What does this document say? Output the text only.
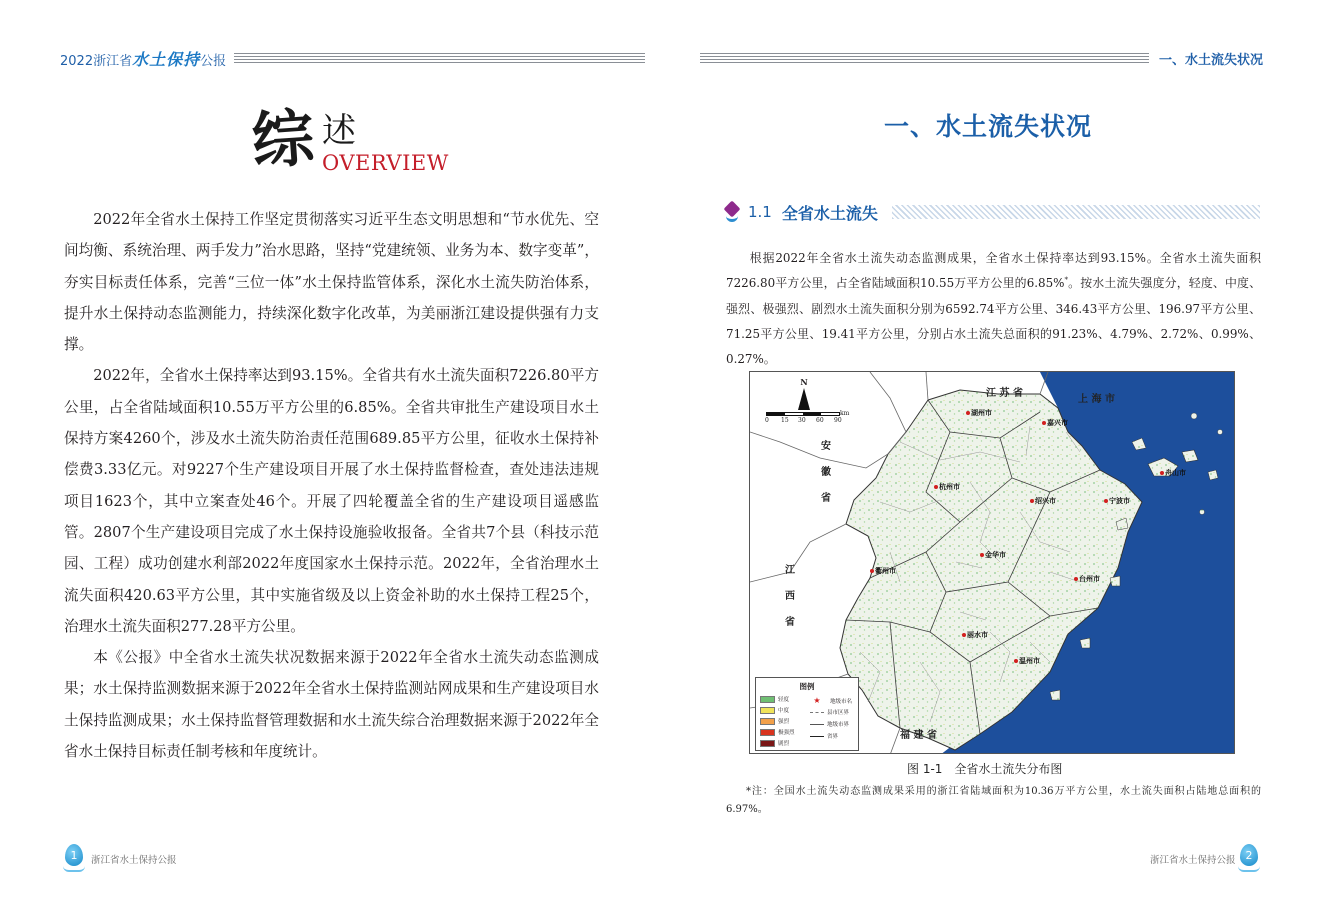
2022 浙江省 水土保持 公报	一、水土流失状况
综 述
OVERVIEW

2022年全省水土保持工作坚定贯彻落实习近平生态文明思想和“节水优先、空间均衡、系统治理、两手发力”治水思路，坚持“党建统领、业务为本、数字变革”，夯实目标责任体系，完善“三位一体”水土保持监管体系，深化水土流失防治体系，提升水土保持动态监测能力，持续深化数字化改革，为美丽浙江建设提供强有力支撑。

2022年，全省水土保持率达到93.15%。全省共有水土流失面积7226.80平方公里，占全省陆域面积10.55万平方公里的6.85%。全省共审批生产建设项目水土保持方案4260个，涉及水土流失防治责任范围689.85平方公里，征收水土保持补偿费3.33亿元。对9227个生产建设项目开展了水土保持监督检查，查处违法违规项目1623个，其中立案查处46个。开展了四轮覆盖全省的生产建设项目遥感监管。2807个生产建设项目完成了水土保持设施验收报备。全省共7个县（科技示范园、工程）成功创建水利部2022年度国家水土保持示范。2022年，全省治理水土流失面积420.63平方公里，其中实施省级及以上资金补助的水土保持工程25个，治理水土流失面积277.28平方公里。

本《公报》中全省水土流失状况数据来源于2022年全省水土流失动态监测成果；水土保持监测数据来源于2022年全省水土保持监测站网成果和生产建设项目水土保持监测成果；水土保持监督管理数据和水土流失综合治理数据来源于2022年全省水土保持目标责任制考核和年度统计。

一、水土流失状况
1.1 全省水土流失

根据2022年全省水土流失动态监测成果，全省水土保持率达到93.15%。全省水土流失面积7226.80平方公里，占全省陆域面积10.55万平方公里的6.85%*。按水土流失强度分，轻度、中度、强烈、极强烈、剧烈水土流失面积分别为6592.74平方公里、346.43平方公里、196.97平方公里、71.25平方公里、19.41平方公里，分别占水土流失总面积的91.23%、4.79%、2.72%、0.99%、0.27%。

N
0 15 30 60 90
km
江 苏 省
上 海 市
安徽省
江西省
福 建 省
湖州市
嘉兴市
杭州市
绍兴市	宁波市
舟山市
金华市
衢州市
台州市
丽水市
温州市
图例
轻度
中度
强烈
极强烈
剧烈
★	地级市名
县市区界
地级市界
省界
图 1-1　全省水土流失分布图
*注：全国水土流失动态监测成果采用的浙江省陆域面积为10.36万平方公里，水土流失面积占陆地总面积的6.97%。
1	浙江省水土保持公报	浙江省水土保持公报 2
